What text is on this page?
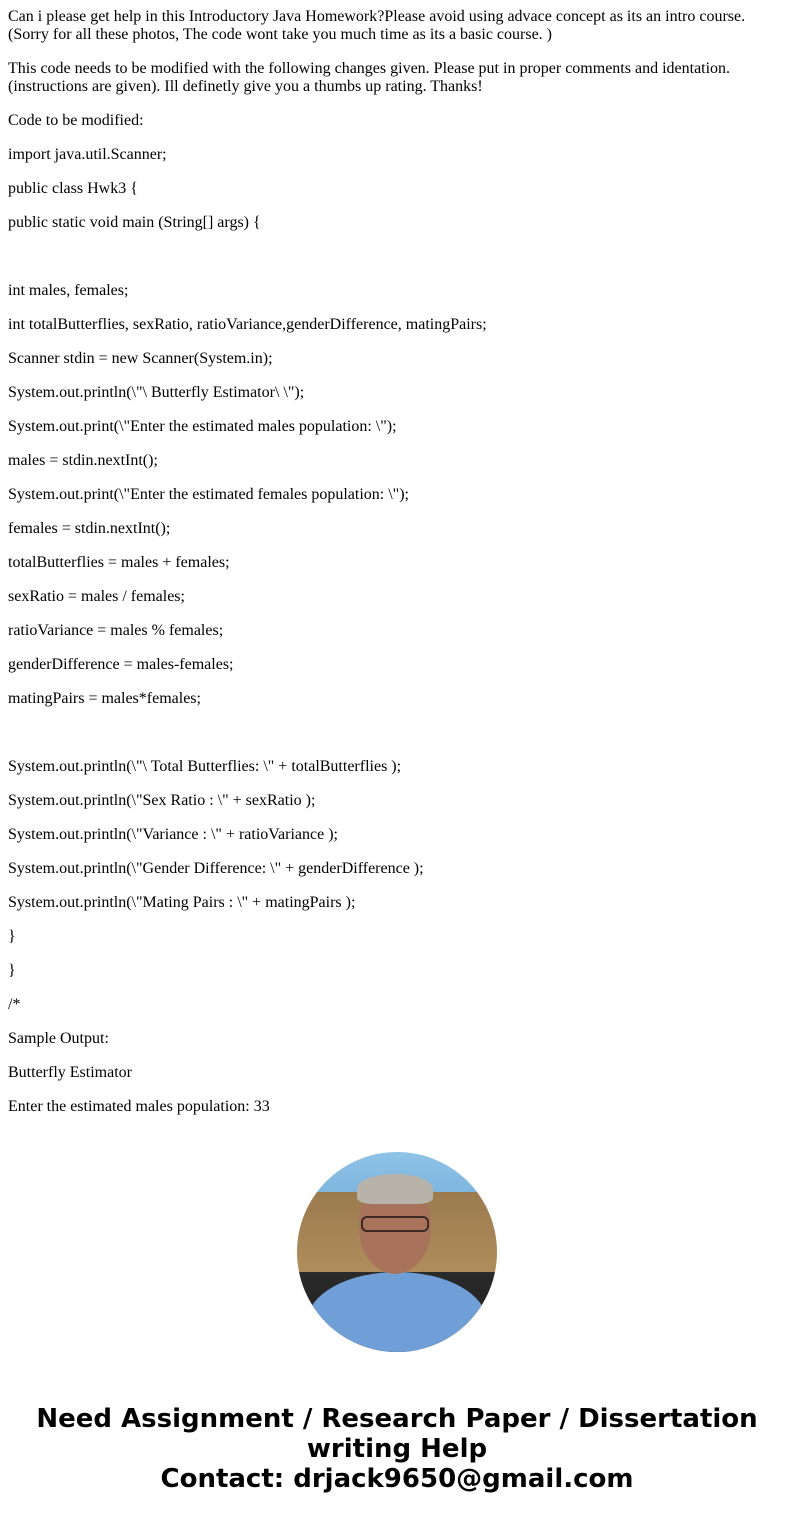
Can i please get help in this Introductory Java Homework?Please avoid using advace concept as its an intro course. (Sorry for all these photos, The code wont take you much time as its a basic course. )

This code needs to be modified with the following changes given. Please put in proper comments and identation. (instructions are given). Ill definetly give you a thumbs up rating. Thanks!

Code to be modified:

import java.util.Scanner;

public class Hwk3 {

public static void main (String[] args) {

int males, females;

int totalButterflies, sexRatio, ratioVariance,genderDifference, matingPairs;

Scanner stdin = new Scanner(System.in);

System.out.println(\"\ Butterfly Estimator\ \");

System.out.print(\"Enter the estimated males population: \");

males = stdin.nextInt();

System.out.print(\"Enter the estimated females population: \");

females = stdin.nextInt();

totalButterflies = males + females;

sexRatio = males / females;

ratioVariance = males % females;

genderDifference = males-females;

matingPairs = males*females;

System.out.println(\"\ Total Butterflies: \" + totalButterflies );

System.out.println(\"Sex Ratio : \" + sexRatio );

System.out.println(\"Variance : \" + ratioVariance );

System.out.println(\"Gender Difference: \" + genderDifference );

System.out.println(\"Mating Pairs : \" + matingPairs );

}

}

/*

Sample Output:

Butterfly Estimator

Enter the estimated males population: 33

Need Assignment / Research Paper / Dissertation writing Help
Contact: drjack9650@gmail.com
